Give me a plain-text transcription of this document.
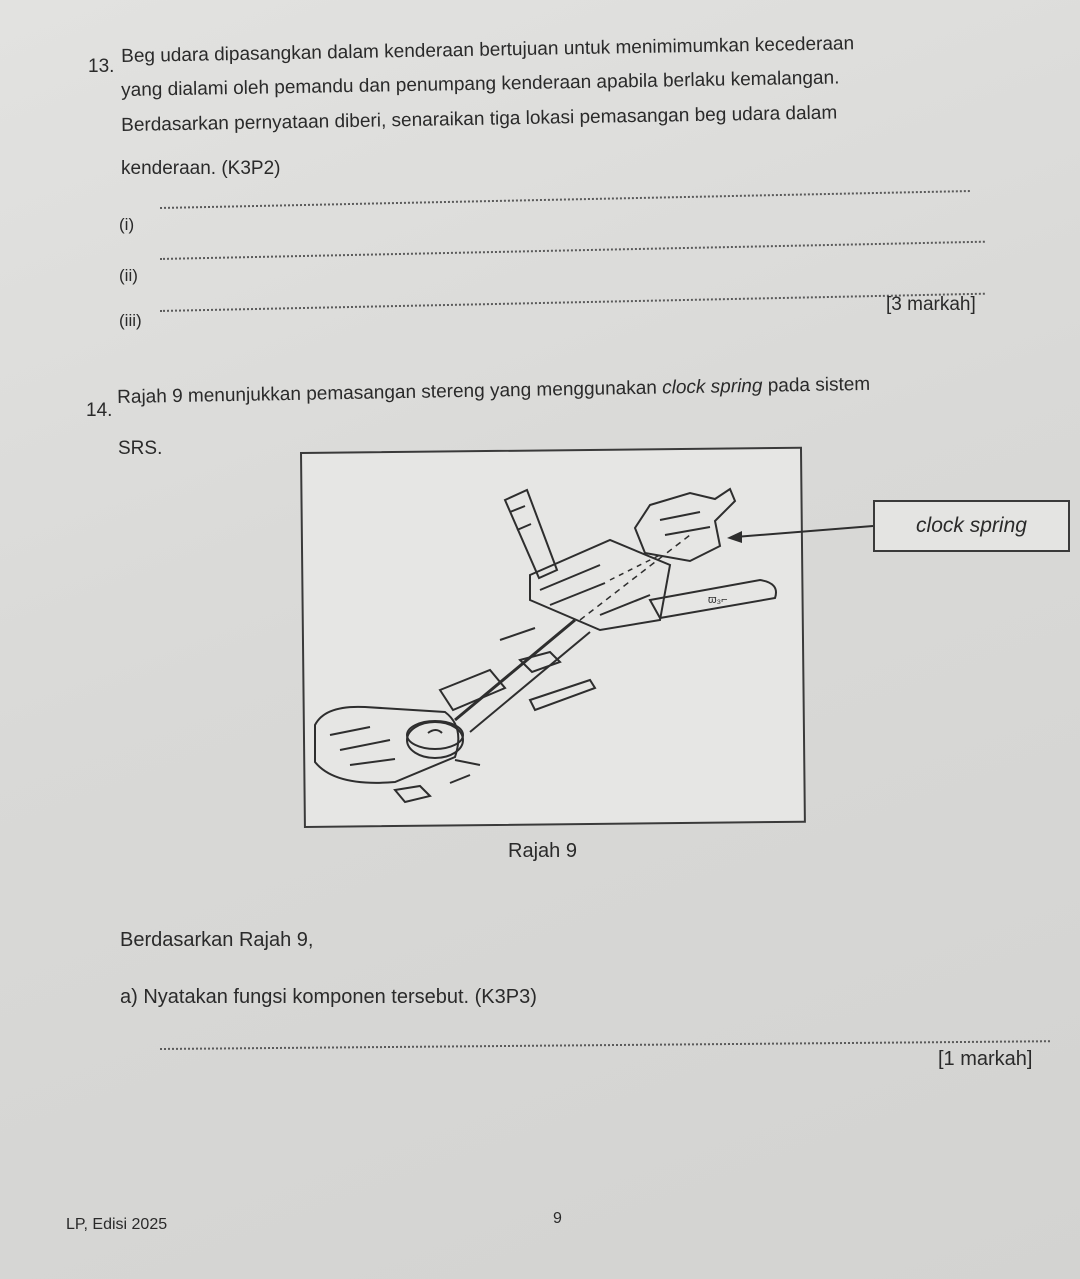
13. Beg udara dipasangkan dalam kenderaan bertujuan untuk menimimumkan kecederaan
yang dialami oleh pemandu dan penumpang kenderaan apabila berlaku kemalangan.
Berdasarkan pernyataan diberi, senaraikan tiga lokasi pemasangan beg udara dalam
kenderaan. (K3P2)
(i)
(ii)
(iii)
[3 markah]
14.
Rajah 9 menunjukkan pemasangan stereng yang menggunakan clock spring pada sistem
SRS.
ϖ₃⌐
clock spring
Rajah 9
Berdasarkan Rajah 9,
a) Nyatakan fungsi komponen tersebut. (K3P3)
[1 markah]
LP, Edisi 2025	9
